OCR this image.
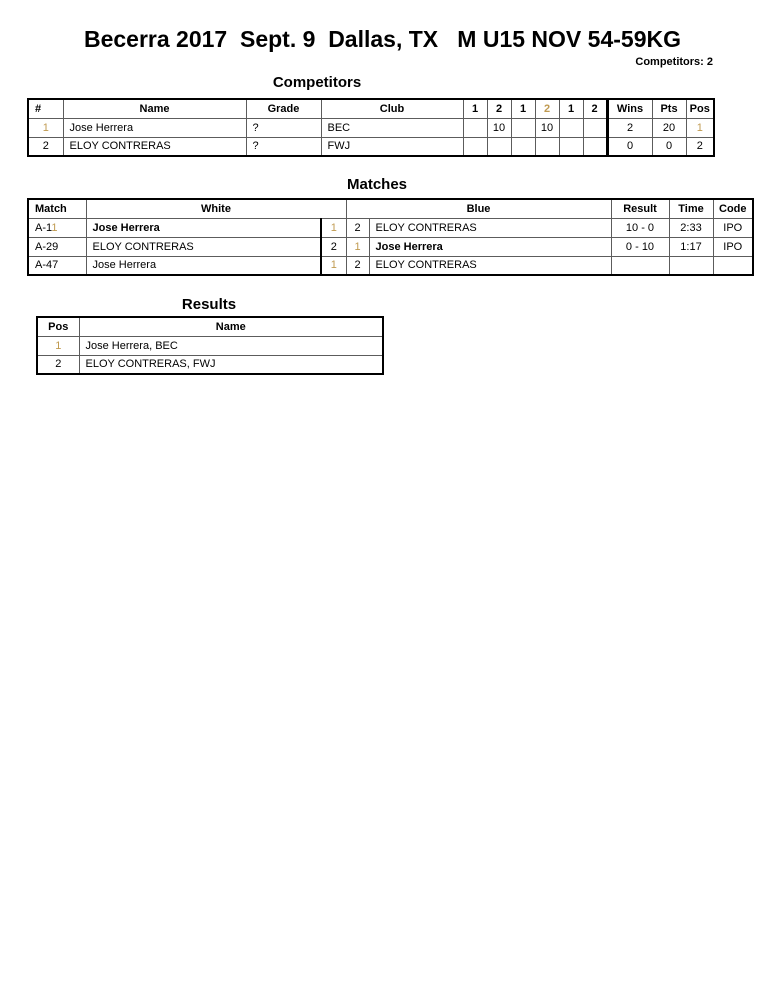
Becerra 2017  Sept. 9  Dallas, TX   M U15 NOV 54-59KG
Competitors: 2
Competitors
#	Name	Grade	Club	1	2	1	2	1	2	Wins	Pts	Pos
1	Jose Herrera	?	BEC		10		10			2	20	1
2	ELOY CONTRERAS	?	FWJ							0	0	2
Matches
Match	White		Blue		Result	Time	Code
A-11	Jose Herrera	1	2	ELOY CONTRERAS	10 - 0	2:33	IPO
A-29	ELOY CONTRERAS	2	1	Jose Herrera	0 - 10	1:17	IPO
A-47	Jose Herrera	1	2	ELOY CONTRERAS			
Results
Pos	Name
1	Jose Herrera, BEC
2	ELOY CONTRERAS, FWJ
